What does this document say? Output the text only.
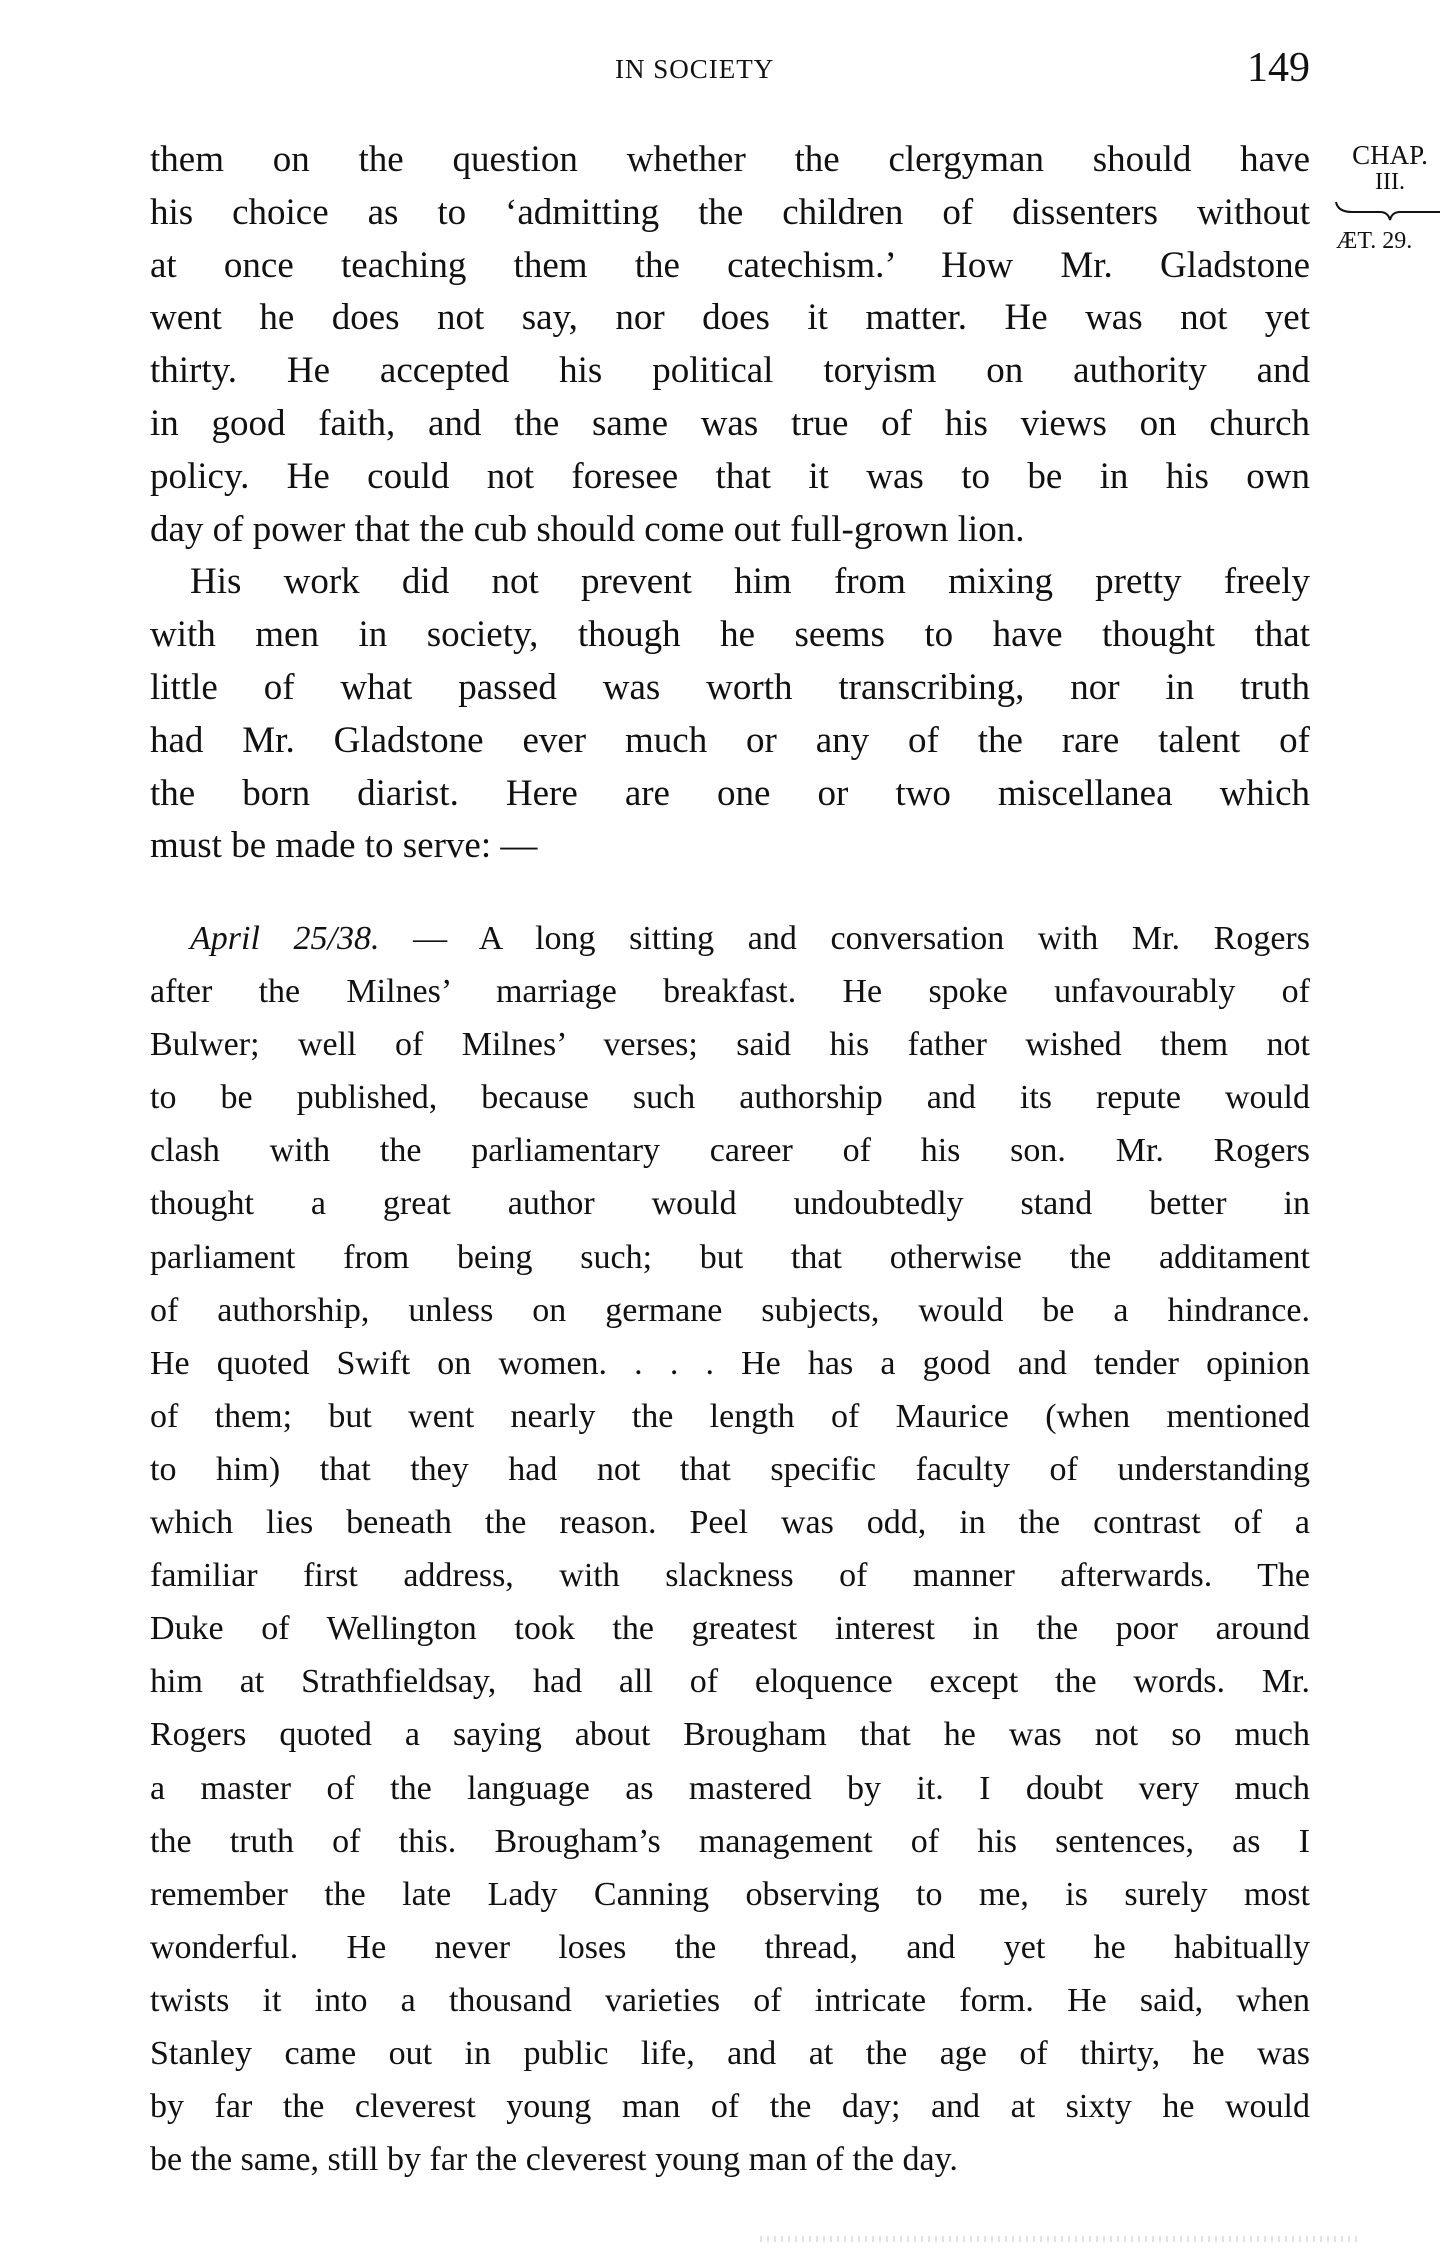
IN SOCIETY	149
CHAP.
III.
ÆT. 29.
them on the question whether the clergyman should have
his choice as to ‘admitting the children of dissenters without
at once teaching them the catechism.’ How Mr. Gladstone
went he does not say, nor does it matter. He was not yet
thirty. He accepted his political toryism on authority and
in good faith, and the same was true of his views on church
policy. He could not foresee that it was to be in his own
day of power that the cub should come out full-grown lion.
His work did not prevent him from mixing pretty freely
with men in society, though he seems to have thought that
little of what passed was worth transcribing, nor in truth
had Mr. Gladstone ever much or any of the rare talent of
the born diarist. Here are one or two miscellanea which
must be made to serve: —
April 25/38. — A long sitting and conversation with Mr. Rogers
after the Milnes’ marriage breakfast. He spoke unfavourably of
Bulwer; well of Milnes’ verses; said his father wished them not
to be published, because such authorship and its repute would
clash with the parliamentary career of his son. Mr. Rogers
thought a great author would undoubtedly stand better in
parliament from being such; but that otherwise the additament
of authorship, unless on germane subjects, would be a hindrance.
He quoted Swift on women. . . . He has a good and tender opinion
of them; but went nearly the length of Maurice (when mentioned
to him) that they had not that specific faculty of understanding
which lies beneath the reason. Peel was odd, in the contrast of a
familiar first address, with slackness of manner afterwards. The
Duke of Wellington took the greatest interest in the poor around
him at Strathfieldsay, had all of eloquence except the words. Mr.
Rogers quoted a saying about Brougham that he was not so much
a master of the language as mastered by it. I doubt very much
the truth of this. Brougham’s management of his sentences, as I
remember the late Lady Canning observing to me, is surely most
wonderful. He never loses the thread, and yet he habitually
twists it into a thousand varieties of intricate form. He said, when
Stanley came out in public life, and at the age of thirty, he was
by far the cleverest young man of the day; and at sixty he would
be the same, still by far the cleverest young man of the day.
